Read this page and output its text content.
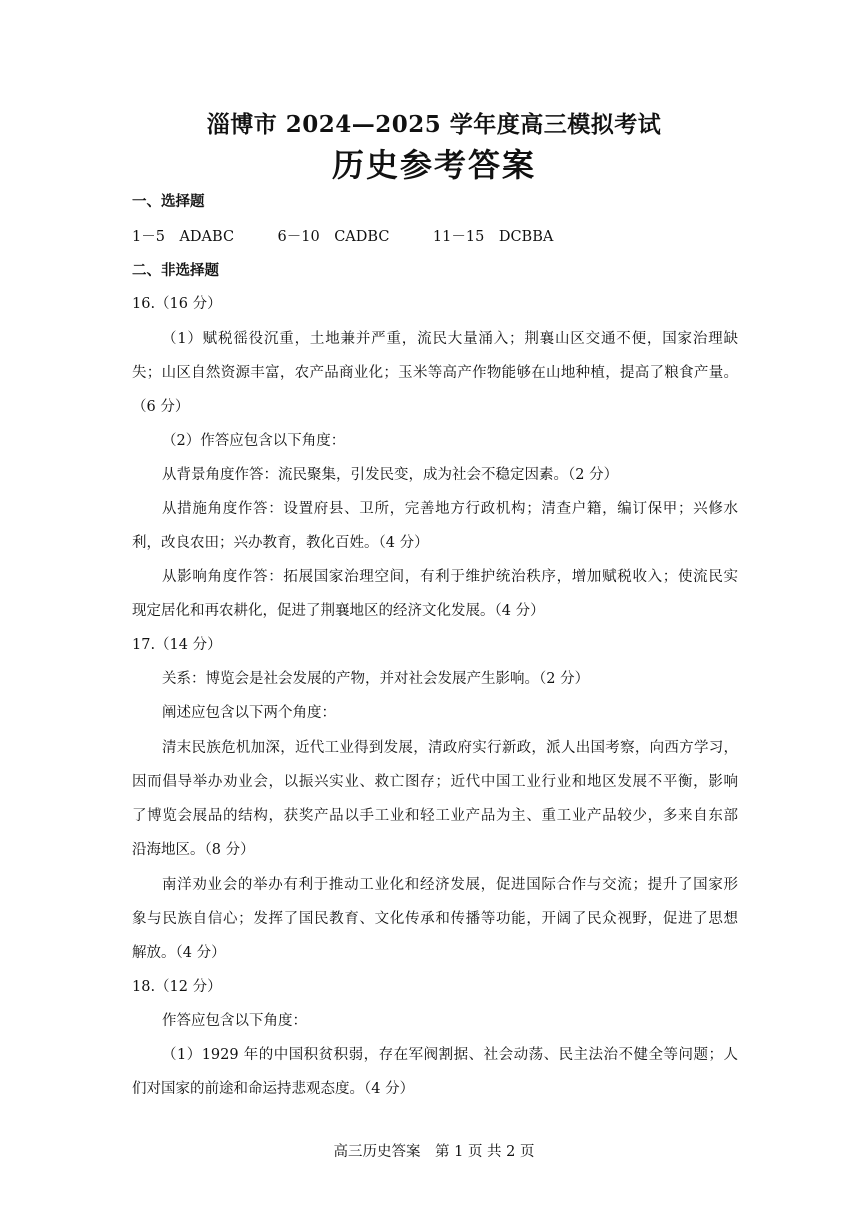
淄博市 2024—2025 学年度高三模拟考试
历史参考答案
一、选择题
1－5　ADABC　　　6－10　CADBC　　　11－15　DCBBA
二、非选择题
16.（16 分）
（1）赋税徭役沉重，土地兼并严重，流民大量涌入；荆襄山区交通不便，国家治理缺
失；山区自然资源丰富，农产品商业化；玉米等高产作物能够在山地种植，提高了粮食产量。
（6 分）
（2）作答应包含以下角度：
从背景角度作答：流民聚集，引发民变，成为社会不稳定因素。（2 分）
从措施角度作答：设置府县、卫所，完善地方行政机构；清查户籍，编订保甲；兴修水
利，改良农田；兴办教育，教化百姓。（4 分）
从影响角度作答：拓展国家治理空间，有利于维护统治秩序，增加赋税收入；使流民实
现定居化和再农耕化，促进了荆襄地区的经济文化发展。（4 分）
17.（14 分）
关系：博览会是社会发展的产物，并对社会发展产生影响。（2 分）
阐述应包含以下两个角度：
清末民族危机加深，近代工业得到发展，清政府实行新政，派人出国考察，向西方学习，
因而倡导举办劝业会，以振兴实业、救亡图存；近代中国工业行业和地区发展不平衡，影响
了博览会展品的结构，获奖产品以手工业和轻工业产品为主、重工业产品较少，多来自东部
沿海地区。（8 分）
南洋劝业会的举办有利于推动工业化和经济发展，促进国际合作与交流；提升了国家形
象与民族自信心；发挥了国民教育、文化传承和传播等功能，开阔了民众视野，促进了思想
解放。（4 分）
18.（12 分）
作答应包含以下角度：
（1）1929 年的中国积贫积弱，存在军阀割据、社会动荡、民主法治不健全等问题；人
们对国家的前途和命运持悲观态度。（4 分）
高三历史答案　第 1 页 共 2 页
